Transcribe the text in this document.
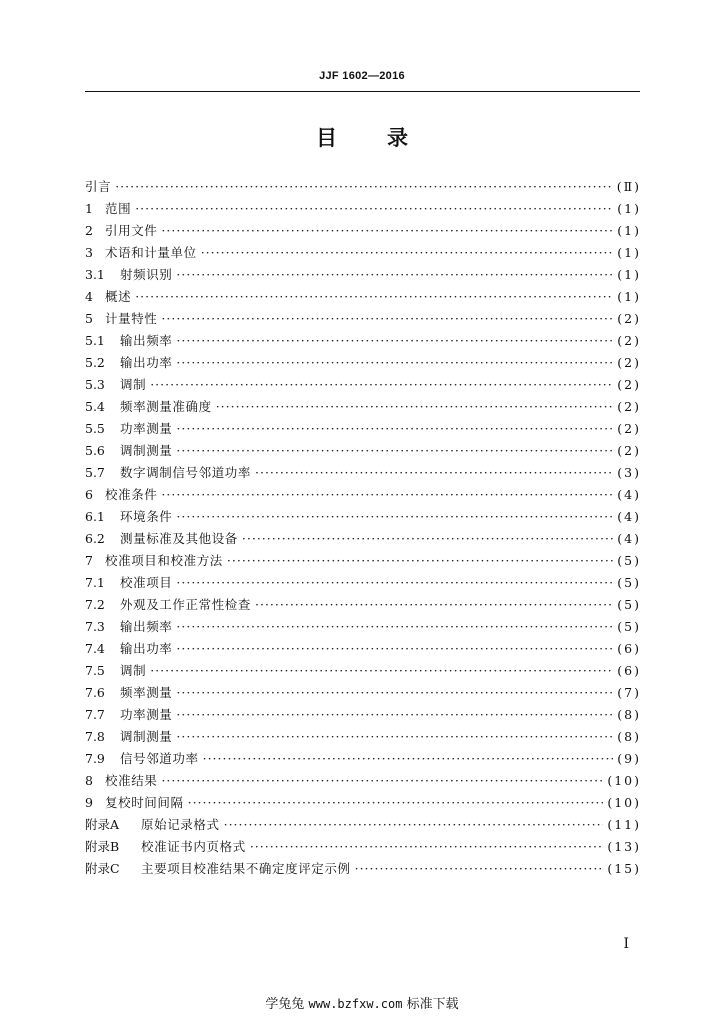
JJF 1602—2016
目 录
引言 ·····	(Ⅱ)
1 范围 ·····	(1)
2 引用文件 ·····	(1)
3 术语和计量单位 ·····	(1)
3.1	射频识别 ·····	(1)
4 概述 ·····	(1)
5 计量特性 ·····	(2)
5.1	输出频率 ·····	(2)
5.2	输出功率 ·····	(2)
5.3	调制 ·····	(2)
5.4	频率测量准确度 ·····	(2)
5.5	功率测量 ·····	(2)
5.6	调制测量 ·····	(2)
5.7	数字调制信号邻道功率 ·····	(3)
6 校准条件 ·····	(4)
6.1	环境条件 ·····	(4)
6.2	测量标准及其他设备 ·····	(4)
7 校准项目和校准方法 ·····	(5)
7.1	校准项目 ·····	(5)
7.2	外观及工作正常性检查 ·····	(5)
7.3	输出频率 ·····	(5)
7.4	输出功率 ·····	(6)
7.5	调制 ·····	(6)
7.6	频率测量 ·····	(7)
7.7	功率测量 ·····	(8)
7.8	调制测量 ·····	(8)
7.9	信号邻道功率 ·····	(9)
8 校准结果 ·····	(10)
9 复校时间间隔 ·····	(10)
附录A	原始记录格式 ·····	(11)
附录B	校准证书内页格式 ·····	(13)
附录C	主要项目校准结果不确定度评定示例 ·····	(15)
I
学兔兔 www.bzfxw.com 标准下载
